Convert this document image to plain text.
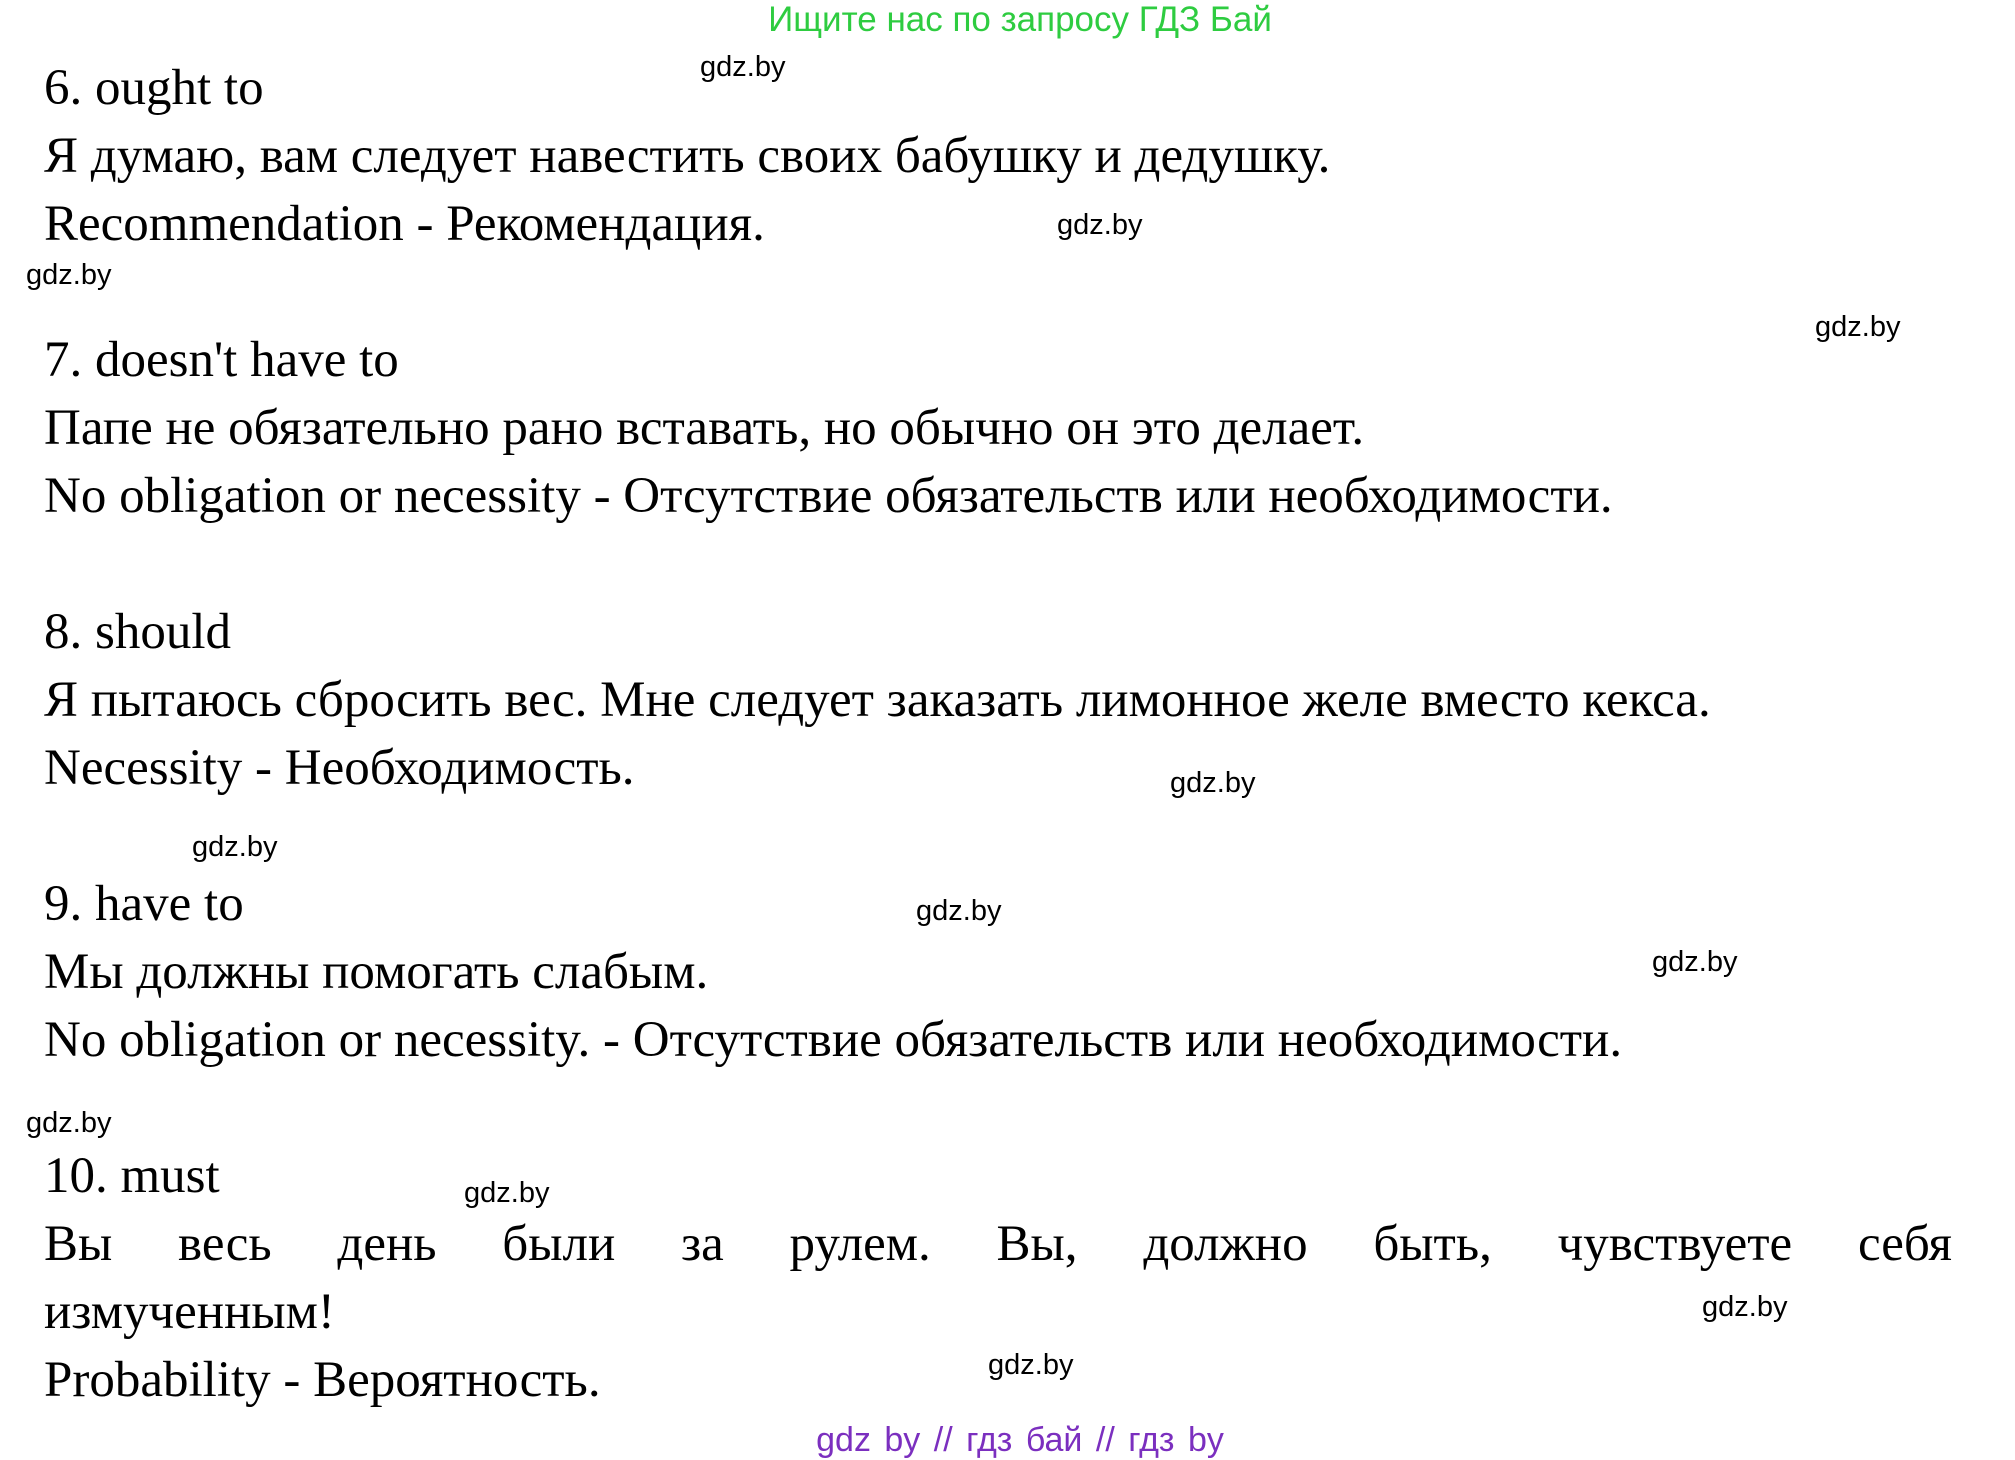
Ищите нас по запросу ГДЗ Бай
6. ought to
Я думаю, вам следует навестить своих бабушку и дедушку.
Recommendation - Рекомендация.
7. doesn't have to
Папе не обязательно рано вставать, но обычно он это делает.
No obligation or necessity - Отсутствие обязательств или необходимости.
8. should
Я пытаюсь сбросить вес. Мне следует заказать лимонное желе вместо кекса.
Necessity - Необходимость.
9. have to
Мы должны помогать слабым.
No obligation or necessity. - Отсутствие обязательств или необходимости.
10. must
Вы весь день были за рулем. Вы, должно быть, чувствуете себя
измученным!
Probability - Вероятность.
gdz.by
gdz.by
gdz.by
gdz.by
gdz.by
gdz.by
gdz.by
gdz.by
gdz.by
gdz.by
gdz.by
gdz.by
gdz by // гдз бай // гдз by
